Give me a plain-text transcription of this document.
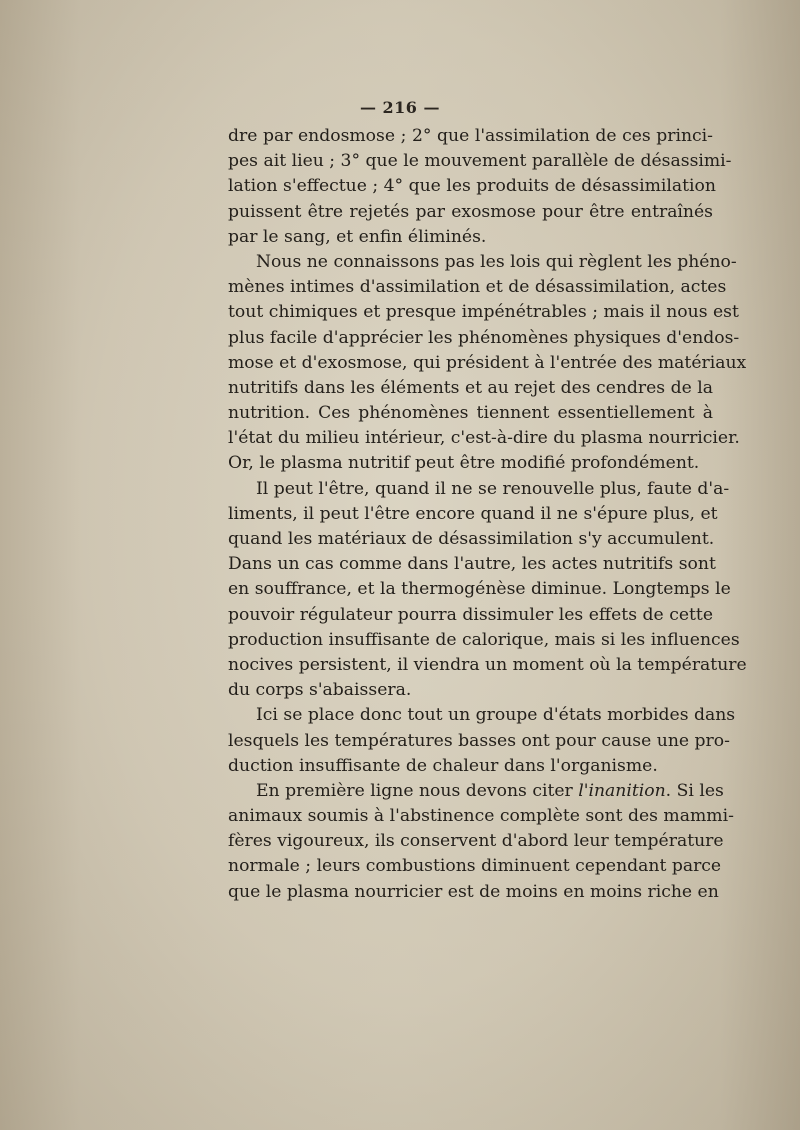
— 216 —
dre par endosmose ; 2° que l'assimilation de ces princi-
pes ait lieu ; 3° que le mouvement parallèle de désassimi-
lation s'effectue ; 4° que les produits de désassimilation
puissent être rejetés par exosmose pour être entraînés
par le sang, et enfin éliminés.
Nous ne connaissons pas les lois qui règlent les phéno-
mènes intimes d'assimilation et de désassimilation, actes
tout chimiques et presque impénétrables ; mais il nous est
plus facile d'apprécier les phénomènes physiques d'endos-
mose et d'exosmose, qui président à l'entrée des matériaux
nutritifs dans les éléments et au rejet des cendres de la
nutrition. Ces phénomènes tiennent essentiellement à
l'état du milieu intérieur, c'est-à-dire du plasma nourricier.
Or, le plasma nutritif peut être modifié profondément.
Il peut l'être, quand il ne se renouvelle plus, faute d'a-
liments, il peut l'être encore quand il ne s'épure plus, et
quand les matériaux de désassimilation s'y accumulent.
Dans un cas comme dans l'autre, les actes nutritifs sont
en souffrance, et la thermogénèse diminue. Longtemps le
pouvoir régulateur pourra dissimuler les effets de cette
production insuffisante de calorique, mais si les influences
nocives persistent, il viendra un moment où la température
du corps s'abaissera.
Ici se place donc tout un groupe d'états morbides dans
lesquels les températures basses ont pour cause une pro-
duction insuffisante de chaleur dans l'organisme.
En première ligne nous devons citer l'inanition. Si les
animaux soumis à l'abstinence complète sont des mammi-
fères vigoureux, ils conservent d'abord leur température
normale ; leurs combustions diminuent cependant parce
que le plasma nourricier est de moins en moins riche en
